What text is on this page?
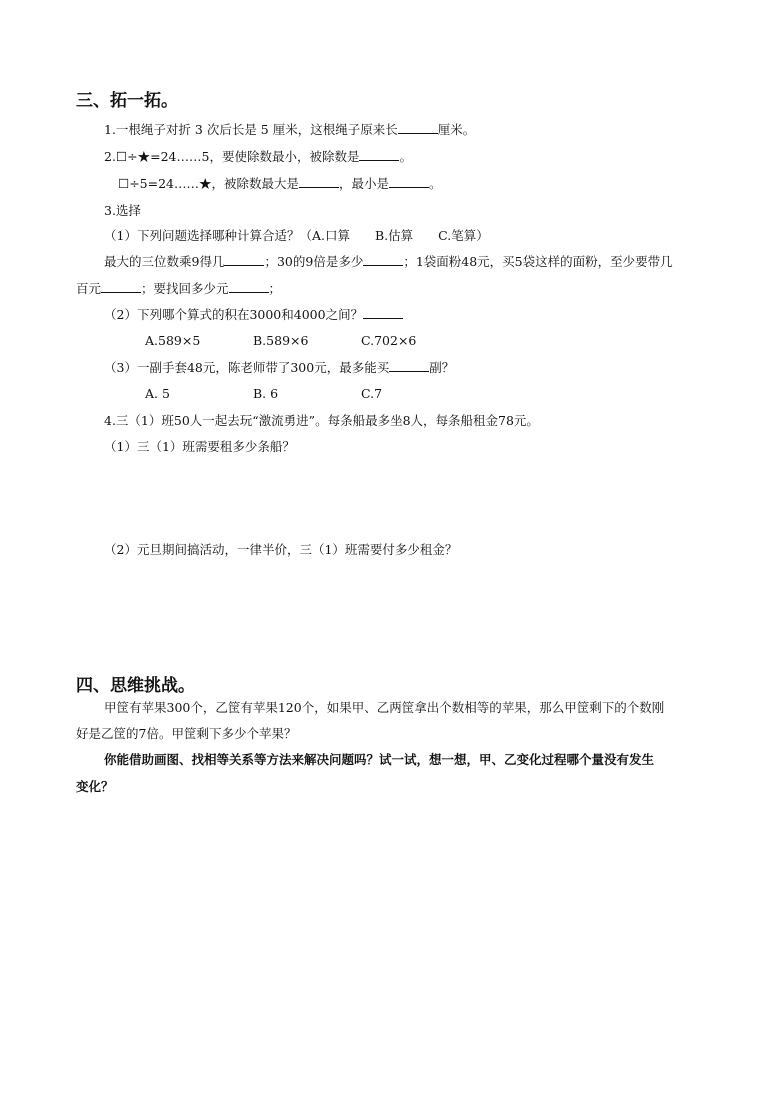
三、拓一拓。
1.一根绳子对折 3 次后长是 5 厘米，这根绳子原来长	厘米。
2.☐÷★=24……5，要使除数最小，被除数是	。
☐÷5=24……★，被除数最大是	，最小是	。
3.选择
（1）下列问题选择哪种计算合适？（A.口算　　B.估算　　C.笔算）
最大的三位数乘9得几	；30的9倍是多少	；1袋面粉48元，买5袋这样的面粉，至少要带几
百元	；要找回多少元	；
（2）下列哪个算式的积在3000和4000之间？
A.589×5	B.589×6	C.702×6
（3）一副手套48元，陈老师带了300元，最多能买	副？
A. 5	B. 6	C.7
4.三（1）班50人一起去玩“激流勇进”。每条船最多坐8人，每条船租金78元。
（1）三（1）班需要租多少条船？
（2）元旦期间搞活动，一律半价，三（1）班需要付多少租金？
四、思维挑战。
甲筐有苹果300个，乙筐有苹果120个，如果甲、乙两筐拿出个数相等的苹果，那么甲筐剩下的个数刚
好是乙筐的7倍。甲筐剩下多少个苹果？
你能借助画图、找相等关系等方法来解决问题吗？试一试，想一想，甲、乙变化过程哪个量没有发生
变化？
